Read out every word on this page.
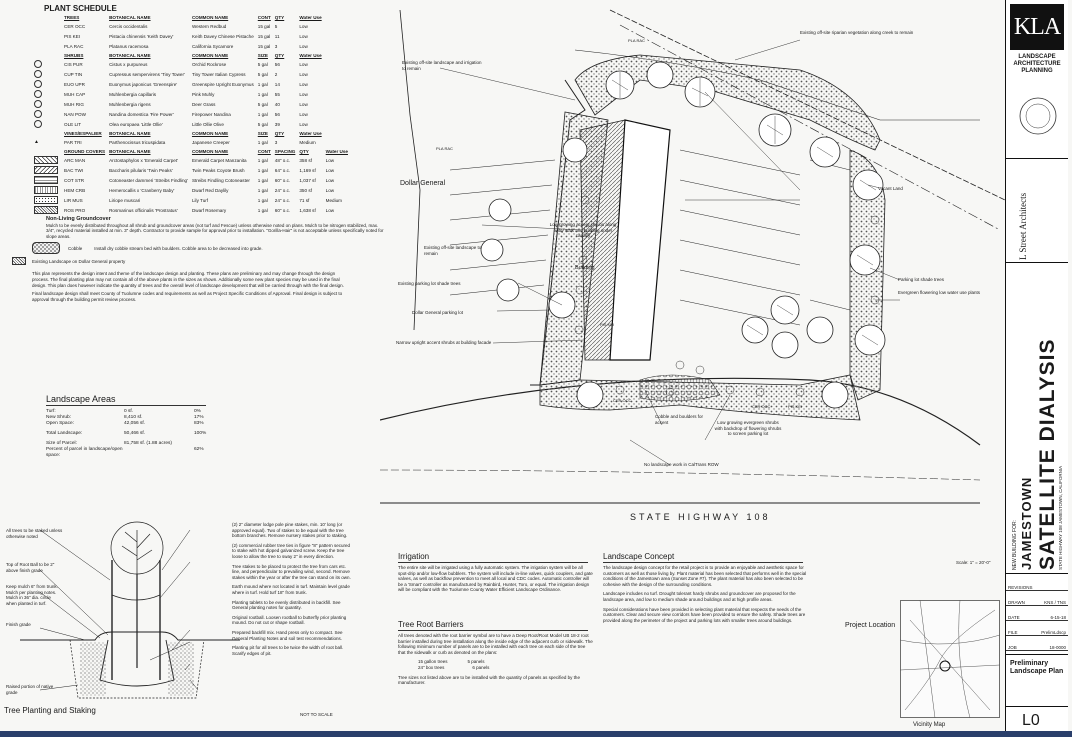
PLANT SCHEDULE
	TREES	BOTANICAL NAME	COMMON NAME	CONT	QTY	Water Use	
	CER OCC	Cercis occidentalis	Western Redbud	15 gal	5	Low	
	PIS KEI	Pistacia chinensis 'Keith Davey'	Keith Davey Chinese Pistache	15 gal	11	Low	
	PLA RAC	Platanus racemosa	California Sycamore	15 gal	3	Low	
	SHRUBS	BOTANICAL NAME	COMMON NAME	SIZE	QTY	Water Use	
	CIS PUR	Cistus x purpureus	Orchid Rockrose	5 gal	56	Low	
	CUP TIN	Cupressus sempervirens 'Tiny Tower'	Tiny Tower Italian Cypress	5 gal	2	Low	
	EUO UPR	Euonymus japonicus 'Greenspire'	Greenspire Upright Euonymus	1 gal	14	Low	
	MUH CAP	Muhlenbergia capillaris	Pink Muhly	1 gal	55	Low	
	MUH RIG	Muhlenbergia rigens	Deer Grass	5 gal	40	Low	
	NAN POW	Nandina domestica 'Fire Power'	Firepower Nandina	1 gal	56	Low	
	OLE LIT	Olea europaea 'Little Ollie'	Little Ollie Olive	5 gal	39	Low	
	VINES/ESPALIER	BOTANICAL NAME	COMMON NAME	SIZE	QTY	Water Use	
▲	PAR TRI	Parthenocissus tricuspidata	Japanese Creeper	1 gal	3	Medium	
	GROUND COVERS	BOTANICAL NAME	COMMON NAME	CONT	SPACING	QTY	Water Use
	ARC MAN	Arctostaphylos x 'Emerald Carpet'	Emerald Carpet Manzanita	1 gal	48" o.c.	358 sf	Low
	BAC TWI	Baccharis pilularis 'Twin Peaks'	Twin Peaks Coyote Brush	1 gal	64" o.c.	1,169 sf	Low
	COT STR	Cotoneaster dammeri 'Streibs Findling'	Streibs Findling Cotoneaster	1 gal	60" o.c.	1,037 sf	Low
	HEM CRB	Hemerocallis x 'Cranberry Baby'	Dwarf Red Daylily	1 gal	24" o.c.	350 sf	Low
	LIR MUS	Liriope muscari	Lily Turf	1 gal	24" o.c.	71 sf	Medium
	ROS PRO	Rosmarinus officinalis 'Prostratus'	Dwarf Rosemary	1 gal	60" o.c.	1,638 sf	Low
Non-Living Groundcover
Mulch to be evenly distributed throughout all shrub and groundcover areas (not turf and Fescue) unless otherwise noted on plans. Mulch to be nitrogen stabilized, max. 3/4", recycled material installed at min. 3" depth. Contractor to provide sample for approval prior to installation. "Gorilla-Hair" is not acceptable unless specifically noted for slope areas.
Cobble	Install dry cobble stream bed with boulders. Cobble area to be decreased into grade.
Existing Landscape on Dollar General property
This plan represents the design intent and theme of the landscape design and planting. These plans are preliminary and may change through the design process. The final planting plan may not contain all of the above plants in the sizes as shown. Additionally some new plant species may be used in the final design. This plan does however indicate the quantity of trees and the overall level of landscape development that will be carried through with the final design.
Final landscape design shall meet County of Tuolumne codes and requirements as well as Project Specific Conditions of Approval. Final design is subject to approval through the building permit review process.
Landscape Areas
Turf:	0 sf.	0%
New Shrub:	8,410 sf.	17%
Open Space:	42,056 sf.	83%
Total Landscape:	50,466 sf.	100%
Size of Parcel:	81,758 sf. (1.88 acres)
Percent of parcel in landscape/open space:
62%
All trees to be staked unless otherwise noted
Top of Root Ball to be 2" above finish grade
Keep mulch 6" from trunk. Mulch per planting notes. Mulch in 36" dia. circle when planted in turf.
Finish grade
Raised portion of native grade
(2) 2" diameter lodge pole pine stakes, min. 10' long (or approved equal). Two of stakes to be equal with the tree bottom branches. Remove nursery stakes prior to staking.
(2) commercial rubber tree ties in figure "8" pattern secured to stake with hot dipped galvanized screw. Keep the tree loose to allow the tree to sway 2" in every direction.
Tree stakes to be placed to protect the tree from cars etc. line, and perpendicular to prevailing wind, second. Remove stakes within the year or after the tree can stand on its own.
Earth mound where not located in turf. Maintain level grade where in turf. Hold turf 18" from trunk.
Planting tablets to be evenly distributed in backfill. See General planting notes for quantity.
Original rootball. Loosen rootball to butterfly prior planting mound. Do not cut or shape rootball.
Prepared backfill mix. Hand press only to compact. See General Planting Notes and soil test recommendations.
Planting pit for all trees to be twice the width of root ball. Scarify edges of pit.
Tree Planting and Staking	NOT TO SCALE
Dollar General
Building
STATE HIGHWAY 108
Scale: 1" = 20'-0"
Existing off-site riparian vegetation along creek to remain
Existing off-site landscape and irrigation to remain
Vacant Land
Parking lot shade trees
Evergreen flowering low water use plants
Low growing accent shrubs along entry walk and building under canopy
Existing off-site landscape to remain
Existing parking lot shade trees
Dollar General parking lot
Narrow upright accent shrubs at building facade
Cobble and boulders for accent	Low growing evergreen shrubs with backdrop of flowering shrubs to screen parking lot
No landscape work in CalTrans ROW
PLA RAC
PLA RAC
PIS KEI
CER OCC
CER OCC	PIS KEI
Irrigation
The entire site will be irrigated using a fully automatic system. The irrigation system will be all spot-drip and/or low-flow bubblers. The system will include in-line valves, quick couplers, and gate valves, as well as backflow prevention to meet all local and CDC codes. Automatic controller will be a 'Smart' controller as manufactured by Rainbird, Hunter, Toro, or equal. The irrigation design will be compliant with the Tuolumne County Water Efficient Landscape Ordinance.
Tree Root Barriers
All trees denoted with the root barrier symbol are to have a Deep Root/Root Model UB 18-2 root barrier installed during tree installation along the inside edge of the adjacent curb or sidewalk. The following minimum number of panels are to be installed with each tree on each side of the tree that the sidewalk or curb as denoted on the plans:
15 gallon trees	5 panels
24" box trees	6 panels
Tree sizes not listed above are to be installed with the quantity of panels as specified by the manufacturer.
Landscape Concept
The landscape design concept for the retail project is to provide an enjoyable and aesthetic space for customers as well as those living by. Plant material has been selected that performs well in the special conditions of the Jamestown area (Sunset Zone #7). The plant material has also been selected to be cohesive with the design of the surrounding conditions.
Landscape includes no turf. Drought tolerant hardy shrubs and groundcover are proposed for the landscape area, and low to medium shade around buildings and at high profile areas.
Special considerations have been provided in selecting plant material that respects the needs of the customers. Clear and secure view corridors have been provided to ensure the safety. Shade trees are provided along the perimeter of the project and parking lots with smaller trees around buildings.
Project Location
Vicinity Map
KLA
LANDSCAPE ARCHITECTURE PLANNING
L Street Architects
NEW BUILDING FOR: JAMESTOWN SATELLITE DIALYSIS STATE HIGHWAY 108 JAMESTOWN, CALIFORNIA
REVISIONS
DRAWN	KNS / TNS
DATE	6-15-18
FILE	PrelimLdscp
JOB	18-0000
Preliminary Landscape Plan
L0
